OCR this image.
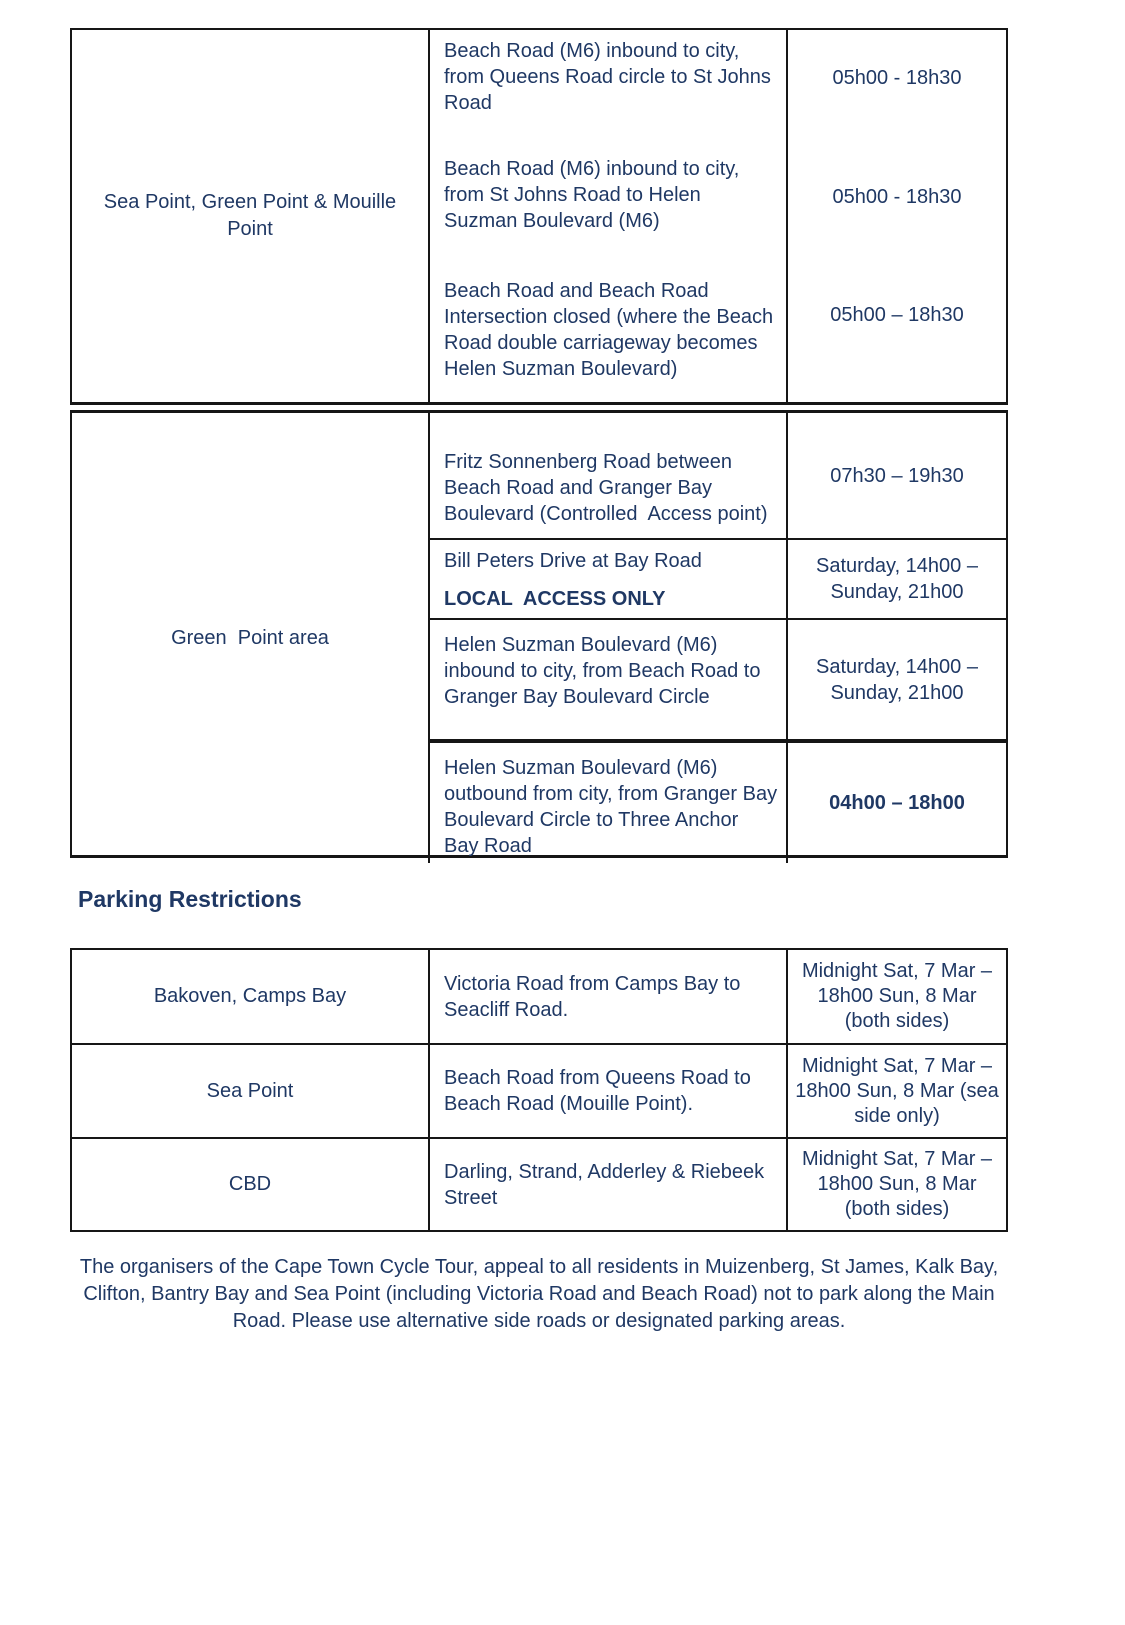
Sea Point, Green Point & Mouille Point

Beach Road (M6) inbound to city, from Queens Road circle to St Johns Road

Beach Road (M6) inbound to city, from St Johns Road to Helen Suzman Boulevard (M6)

Beach Road and Beach Road Intersection closed (where the Beach Road double carriageway becomes Helen Suzman Boulevard)

05h00 - 18h30

05h00 - 18h30

05h00 – 18h30

Green  Point area

Fritz Sonnenberg Road between Beach Road and Granger Bay Boulevard (Controlled  Access point)

07h30 – 19h30

Bill Peters Drive at Bay Road

LOCAL  ACCESS ONLY

Saturday, 14h00 – Sunday, 21h00

Helen Suzman Boulevard (M6) inbound to city, from Beach Road to Granger Bay Boulevard Circle

Saturday, 14h00 – Sunday, 21h00

Helen Suzman Boulevard (M6) outbound from city, from Granger Bay Boulevard Circle to Three Anchor Bay Road

04h00 – 18h00

Parking Restrictions
Bakoven, Camps Bay

Victoria Road from Camps Bay to Seacliff Road.

Midnight Sat, 7 Mar – 18h00 Sun, 8 Mar (both sides)

Sea Point

Beach Road from Queens Road to Beach Road (Mouille Point).

Midnight Sat, 7 Mar – 18h00 Sun, 8 Mar (sea side only)

CBD

Darling, Strand, Adderley & Riebeek Street

Midnight Sat, 7 Mar – 18h00 Sun, 8 Mar (both sides)

The organisers of the Cape Town Cycle Tour, appeal to all residents in Muizenberg, St James, Kalk Bay, Clifton, Bantry Bay and Sea Point (including Victoria Road and Beach Road) not to park along the Main Road. Please use alternative side roads or designated parking areas.
